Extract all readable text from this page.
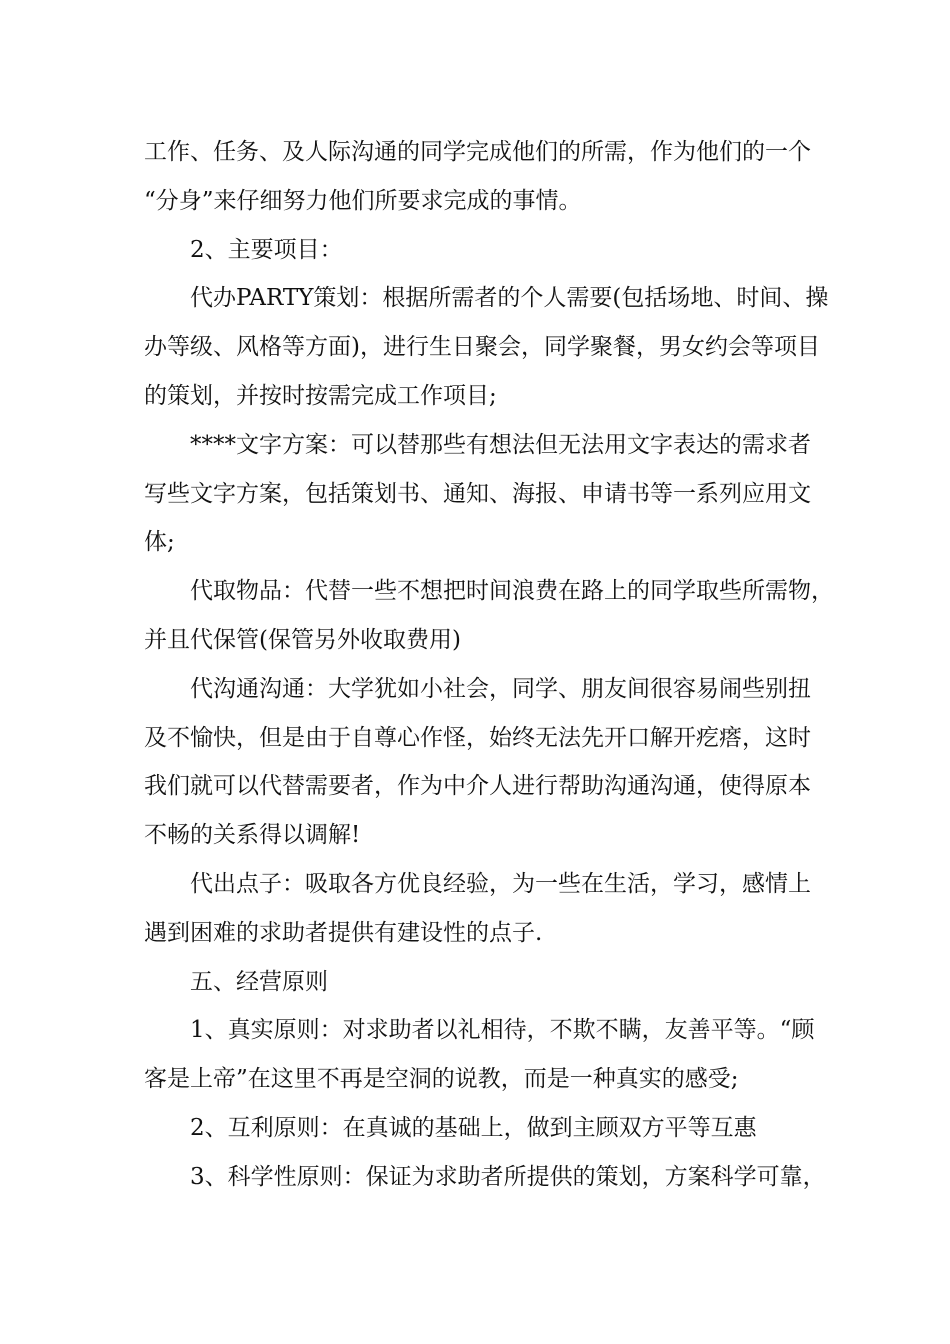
工作、任务、及人际沟通的同学完成他们的所需，作为他们的一个

“分身”来仔细努力他们所要求完成的事情。

2、主要项目：

代办PARTY策划：根据所需者的个人需要(包括场地、时间、操

办等级、风格等方面)，进行生日聚会，同学聚餐，男女约会等项目

的策划，并按时按需完成工作项目;

****文字方案：可以替那些有想法但无法用文字表达的需求者

写些文字方案，包括策划书、通知、海报、申请书等一系列应用文

体;

代取物品：代替一些不想把时间浪费在路上的同学取些所需物，

并且代保管(保管另外收取费用)

代沟通沟通：大学犹如小社会，同学、朋友间很容易闹些别扭

及不愉快，但是由于自尊心作怪，始终无法先开口解开疙瘩，这时

我们就可以代替需要者，作为中介人进行帮助沟通沟通，使得原本

不畅的关系得以调解!

代出点子：吸取各方优良经验，为一些在生活，学习，感情上

遇到困难的求助者提供有建设性的点子.

五、经营原则

1、真实原则：对求助者以礼相待，不欺不瞒，友善平等。“顾

客是上帝”在这里不再是空洞的说教，而是一种真实的感受;

2、互利原则：在真诚的基础上，做到主顾双方平等互惠

3、科学性原则：保证为求助者所提供的策划，方案科学可靠，
